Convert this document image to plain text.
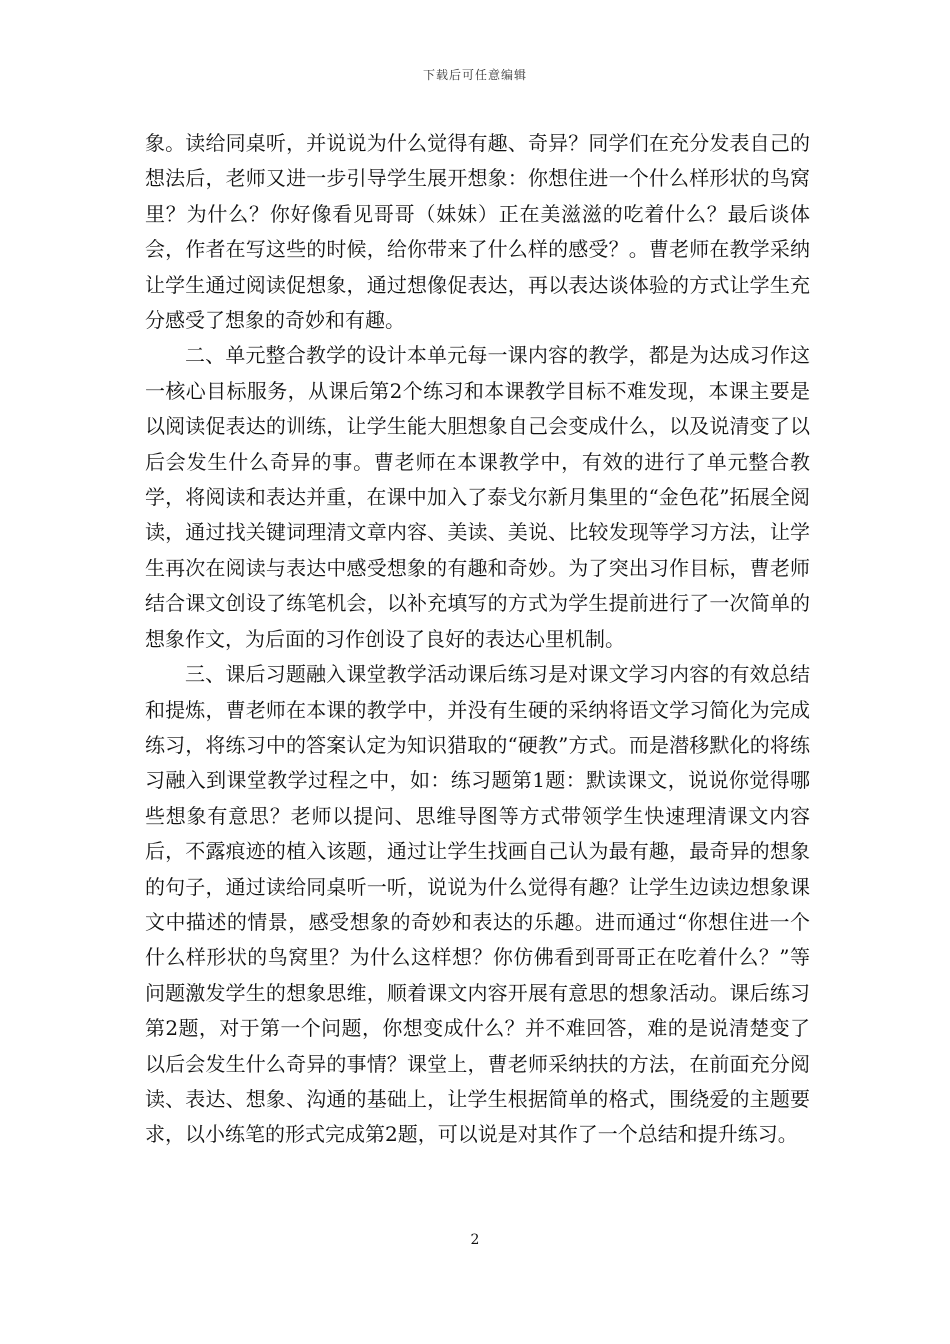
下载后可任意编辑

象。读给同桌听，并说说为什么觉得有趣、奇异？同学们在充分发表自己的想法后，老师又进一步引导学生展开想象：你想住进一个什么样形状的鸟窝里？为什么？你好像看见哥哥（妹妹）正在美滋滋的吃着什么？最后谈体会，作者在写这些的时候，给你带来了什么样的感受？。曹老师在教学采纳让学生通过阅读促想象，通过想像促表达，再以表达谈体验的方式让学生充分感受了想象的奇妙和有趣。

二、单元整合教学的设计本单元每一课内容的教学，都是为达成习作这一核心目标服务，从课后第2个练习和本课教学目标不难发现，本课主要是以阅读促表达的训练，让学生能大胆想象自己会变成什么，以及说清变了以后会发生什么奇异的事。曹老师在本课教学中，有效的进行了单元整合教学，将阅读和表达并重，在课中加入了泰戈尔新月集里的“金色花”拓展全阅读，通过找关键词理清文章内容、美读、美说、比较发现等学习方法，让学生再次在阅读与表达中感受想象的有趣和奇妙。为了突出习作目标，曹老师结合课文创设了练笔机会，以补充填写的方式为学生提前进行了一次简单的想象作文，为后面的习作创设了良好的表达心里机制。

三、课后习题融入课堂教学活动课后练习是对课文学习内容的有效总结和提炼，曹老师在本课的教学中，并没有生硬的采纳将语文学习简化为完成练习，将练习中的答案认定为知识猎取的“硬教”方式。而是潜移默化的将练习融入到课堂教学过程之中，如：练习题第1题：默读课文，说说你觉得哪些想象有意思？老师以提问、思维导图等方式带领学生快速理清课文内容后，不露痕迹的植入该题，通过让学生找画自己认为最有趣，最奇异的想象的句子，通过读给同桌听一听，说说为什么觉得有趣？让学生边读边想象课文中描述的情景，感受想象的奇妙和表达的乐趣。进而通过“你想住进一个什么样形状的鸟窝里？为什么这样想？你仿佛看到哥哥正在吃着什么？”等问题激发学生的想象思维，顺着课文内容开展有意思的想象活动。课后练习第2题，对于第一个问题，你想变成什么？并不难回答，难的是说清楚变了以后会发生什么奇异的事情？课堂上，曹老师采纳扶的方法，在前面充分阅读、表达、想象、沟通的基础上，让学生根据简单的格式，围绕爱的主题要求，以小练笔的形式完成第2题，可以说是对其作了一个总结和提升练习。

2
